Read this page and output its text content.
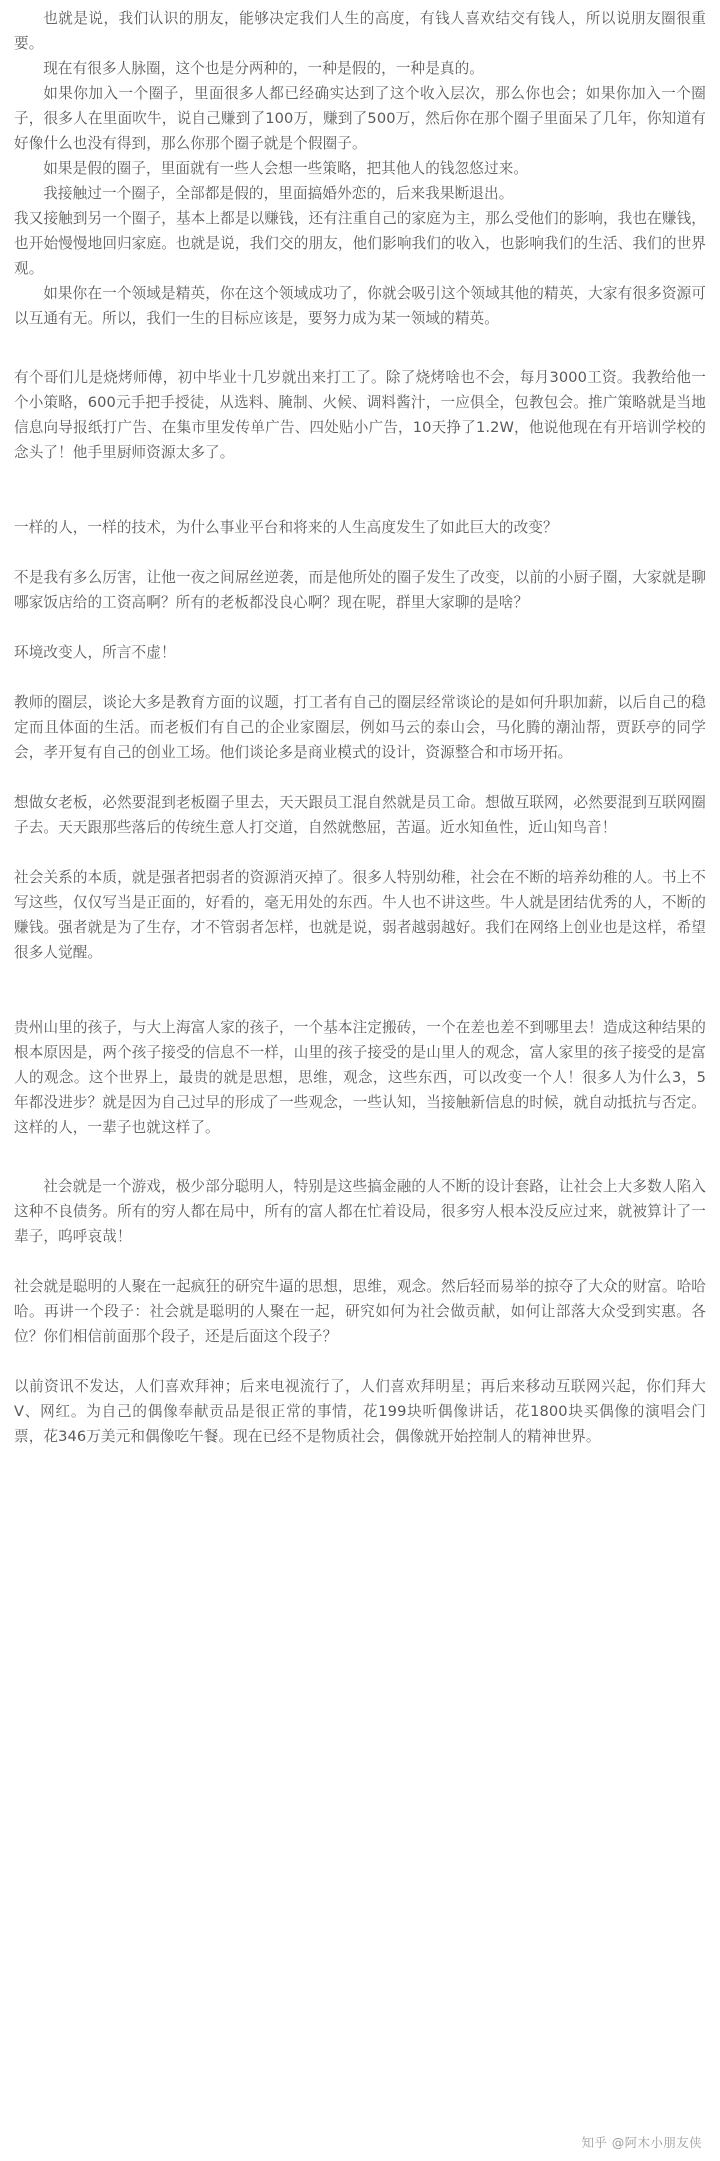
也就是说，我们认识的朋友，能够决定我们人生的高度，有钱人喜欢结交有钱人，所以说朋友圈很重要。

现在有很多人脉圈，这个也是分两种的，一种是假的，一种是真的。

如果你加入一个圈子，里面很多人都已经确实达到了这个收入层次，那么你也会；如果你加入一个圈子，很多人在里面吹牛，说自己赚到了100万，赚到了500万，然后你在那个圈子里面呆了几年，你知道有好像什么也没有得到，那么你那个圈子就是个假圈子。

如果是假的圈子，里面就有一些人会想一些策略，把其他人的钱忽悠过来。

我接触过一个圈子，全部都是假的，里面搞婚外恋的，后来我果断退出。

我又接触到另一个圈子，基本上都是以赚钱，还有注重自己的家庭为主，那么受他们的影响，我也在赚钱，也开始慢慢地回归家庭。也就是说，我们交的朋友，他们影响我们的收入，也影响我们的生活、我们的世界观。

如果你在一个领域是精英，你在这个领域成功了，你就会吸引这个领域其他的精英，大家有很多资源可以互通有无。所以，我们一生的目标应该是，要努力成为某一领域的精英。

有个哥们儿是烧烤师傅，初中毕业十几岁就出来打工了。除了烧烤啥也不会，每月3000工资。我教给他一个小策略，600元手把手授徒，从选料、腌制、火候、调料酱汁，一应俱全，包教包会。推广策略就是当地信息向导报纸打广告、在集市里发传单广告、四处贴小广告，10天挣了1.2W，他说他现在有开培训学校的念头了！他手里厨师资源太多了。

一样的人，一样的技术，为什么事业平台和将来的人生高度发生了如此巨大的改变？

不是我有多么厉害，让他一夜之间屌丝逆袭，而是他所处的圈子发生了改变，以前的小厨子圈，大家就是聊哪家饭店给的工资高啊？所有的老板都没良心啊？现在呢，群里大家聊的是啥？

环境改变人，所言不虚！

教师的圈层，谈论大多是教育方面的议题，打工者有自己的圈层经常谈论的是如何升职加薪，以后自己的稳定而且体面的生活。而老板们有自己的企业家圈层，例如马云的泰山会，马化腾的潮汕帮，贾跃亭的同学会，孝开复有自己的创业工场。他们谈论多是商业模式的设计，资源整合和市场开拓。

想做女老板，必然要混到老板圈子里去，天天跟员工混自然就是员工命。想做互联网，必然要混到互联网圈子去。天天跟那些落后的传统生意人打交道，自然就憋屈，苦逼。近水知鱼性，近山知鸟音！

社会关系的本质，就是强者把弱者的资源消灭掉了。很多人特别幼稚，社会在不断的培养幼稚的人。书上不写这些，仅仅写当是正面的，好看的，毫无用处的东西。牛人也不讲这些。牛人就是团结优秀的人，不断的赚钱。强者就是为了生存，才不管弱者怎样，也就是说，弱者越弱越好。我们在网络上创业也是这样，希望很多人觉醒。

贵州山里的孩子，与大上海富人家的孩子，一个基本注定搬砖，一个在差也差不到哪里去！造成这种结果的根本原因是，两个孩子接受的信息不一样，山里的孩子接受的是山里人的观念，富人家里的孩子接受的是富人的观念。这个世界上，最贵的就是思想，思维，观念，这些东西，可以改变一个人！很多人为什么3，5 年都没进步？就是因为自己过早的形成了一些观念，一些认知，当接触新信息的时候，就自动抵抗与否定。这样的人，一辈子也就这样了。

社会就是一个游戏，极少部分聪明人，特别是这些搞金融的人不断的设计套路，让社会上大多数人陷入这种不良债务。所有的穷人都在局中，所有的富人都在忙着设局，很多穷人根本没反应过来，就被算计了一辈子，呜呼哀哉！

社会就是聪明的人聚在一起疯狂的研究牛逼的思想，思维，观念。然后轻而易举的掠夺了大众的财富。哈哈哈。再讲一个段子：社会就是聪明的人聚在一起，研究如何为社会做贡献，如何让部落大众受到实惠。各位？你们相信前面那个段子，还是后面这个段子？

以前资讯不发达，人们喜欢拜神；后来电视流行了，人们喜欢拜明星；再后来移动互联网兴起，你们拜大V、网红。为自己的偶像奉献贡品是很正常的事情，花199块听偶像讲话，花1800块买偶像的演唱会门票，花346万美元和偶像吃午餐。现在已经不是物质社会，偶像就开始控制人的精神世界。

知乎 @阿木小朋友侠
